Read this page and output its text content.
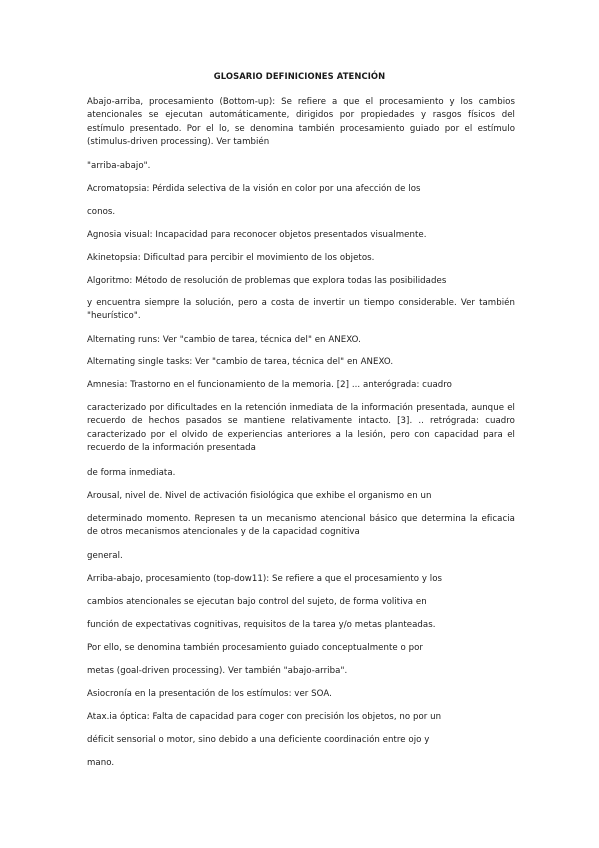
GLOSARIO DEFINICIONES ATENCIÓN
Abajo-arriba, procesamiento (Bottom-up): Se refiere a que el procesamiento y los cambios atencionales se ejecutan automáticamente, dirigidos por propiedades y rasgos físicos del estímulo presentado. Por el lo, se denomina también procesamiento guiado por el estímulo (stimulus-driven processing). Ver también
"arriba-abajo".
Acromatopsia: Pérdida selectiva de la visión en color por una afección de los
conos.
Agnosia visual: Incapacidad para reconocer objetos presentados visualmente.
Akinetopsia: Dificultad para percibir el movimiento de los objetos.
Algoritmo: Método de resolución de problemas que explora todas las posibilidades
y encuentra siempre la solución, pero a costa de invertir un tiempo considerable. Ver también "heurístico".
Alternating runs: Ver "cambio de tarea, técnica del" en ANEXO.
Alternating single tasks: Ver "cambio de tarea, técnica del" en ANEXO.
Amnesia: Trastorno en el funcionamiento de la memoria. [2] ... anterógrada: cuadro
caracterizado por dificultades en la retención inmediata de la información presentada, aunque el recuerdo de hechos pasados se mantiene relativamente intacto. [3]. .. retrógrada: cuadro caracterizado por el olvido de experiencias anteriores a la lesión, pero con capacidad para el recuerdo de la información presentada
de forma inmediata.
Arousal, nivel de. Nivel de activación fisiológica que exhibe el organismo en un
determinado momento. Represen ta un mecanismo atencional básico que determina la eficacia de otros mecanismos atencionales y de la capacidad cognitiva
general.
Arriba-abajo, procesamiento (top-dow11): Se refiere a que el procesamiento y los
cambios atencionales se ejecutan bajo control del sujeto, de forma volitiva en
función de expectativas cognitivas, requisitos de la tarea y/o metas planteadas.
Por ello, se denomina también procesamiento guiado conceptualmente o por
metas (goal-driven processing). Ver también "abajo-arriba".
Asiocronía en la presentación de los estímulos: ver SOA.
Atax.ia óptica: Falta de capacidad para coger con precisión los objetos, no por un
déficit sensorial o motor, sino debido a una deficiente coordinación entre ojo y
mano.
